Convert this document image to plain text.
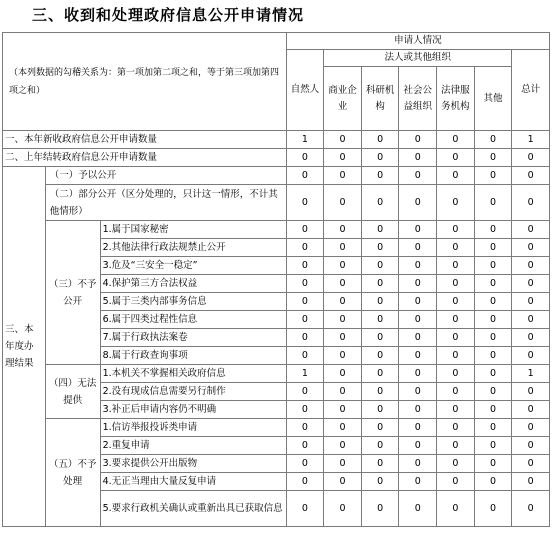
三、收到和处理政府信息公开申请情况
（本列数据的勾稽关系为：第一项加第二项之和，等于第三项加第四项之和）			申请人情况						
			自然人	法人或其他组织					总计
				商业企业	科研机构	社会公益组织	法律服务机构	其他	
一、本年新收政府信息公开申请数量			1	0	0	0	0	0	1
二、上年结转政府信息公开申请数量			0	0	0	0	0	0	0
三、本年度办理结果	（一）予以公开		0	0	0	0	0	0	0
	（二）部分公开（区分处理的，只计这一情形，不计其他情形）		0	0	0	0	0	0	0
	（三）不予公开	1.属于国家秘密	0	0	0	0	0	0	0
		2.其他法律行政法规禁止公开	0	0	0	0	0	0	0
		3.危及“三安全一稳定”	0	0	0	0	0	0	0
		4.保护第三方合法权益	0	0	0	0	0	0	0
		5.属于三类内部事务信息	0	0	0	0	0	0	0
		6.属于四类过程性信息	0	0	0	0	0	0	0
		7.属于行政执法案卷	0	0	0	0	0	0	0
		8.属于行政查询事项	0	0	0	0	0	0	0
	（四）无法提供	1.本机关不掌握相关政府信息	1	0	0	0	0	0	1
		2.没有现成信息需要另行制作	0	0	0	0	0	0	0
		3.补正后申请内容仍不明确	0	0	0	0	0	0	0
	（五）不予处理	1.信访举报投诉类申请	0	0	0	0	0	0	0
		2.重复申请	0	0	0	0	0	0	0
		3.要求提供公开出版物	0	0	0	0	0	0	0
		4.无正当理由大量反复申请	0	0	0	0	0	0	0
		5.要求行政机关确认或重新出具已获取信息	0	0	0	0	0	0	0
